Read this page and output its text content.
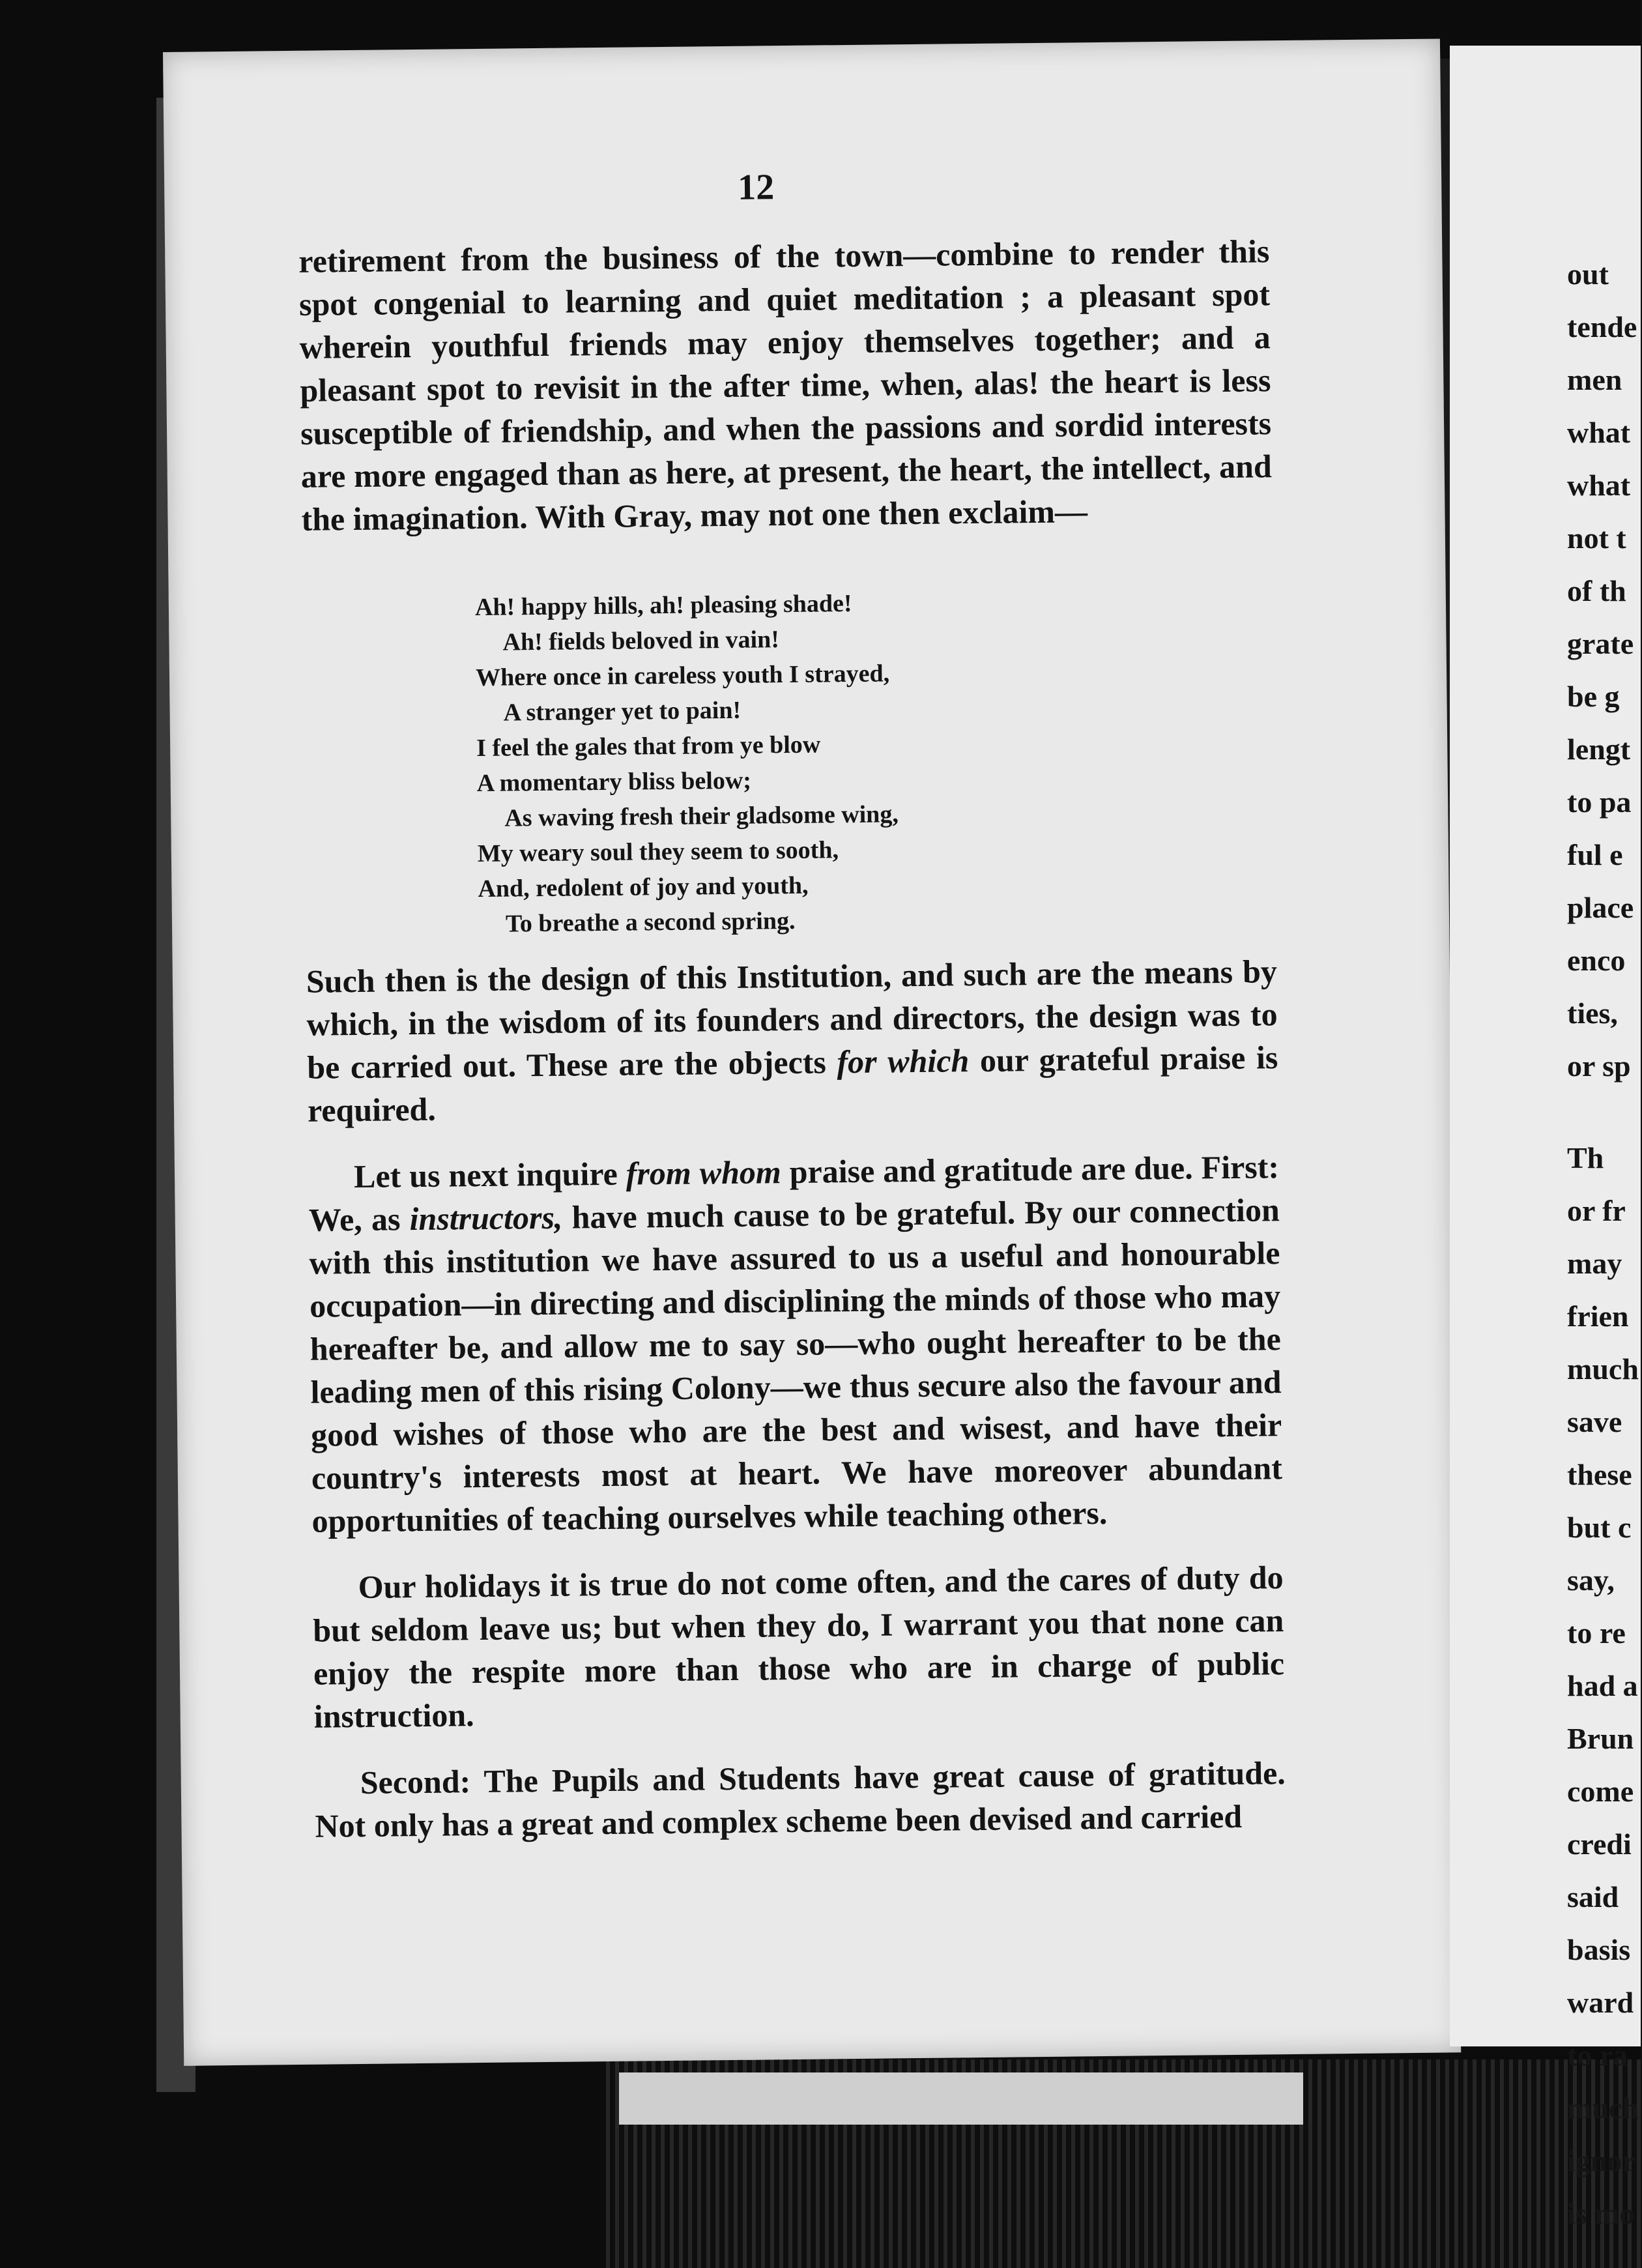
12

retirement from the business of the town—combine to render this spot congenial to learning and quiet meditation ; a pleasant spot wherein youthful friends may enjoy themselves together; and a pleasant spot to revisit in the after time, when, alas! the heart is less susceptible of friendship, and when the passions and sordid interests are more engaged than as here, at present, the heart, the intellect, and the imagination. With Gray, may not one then exclaim—

Ah! happy hills, ah! pleasing shade!
Ah! fields beloved in vain!
Where once in careless youth I strayed,
A stranger yet to pain!
I feel the gales that from ye blow
A momentary bliss below;
As waving fresh their gladsome wing,
My weary soul they seem to sooth,
And, redolent of joy and youth,
To breathe a second spring.

Such then is the design of this Institution, and such are the means by which, in the wisdom of its founders and directors, the design was to be carried out. These are the objects for which our grateful praise is required.

Let us next inquire from whom praise and gratitude are due. First: We, as instructors, have much cause to be grateful. By our connection with this institution we have assured to us a useful and honourable occupation—in directing and disciplining the minds of those who may hereafter be, and allow me to say so—who ought hereafter to be the leading men of this rising Colony—we thus secure also the favour and good wishes of those who are the best and wisest, and have their country's interests most at heart. We have moreover abundant opportunities of teaching ourselves while teaching others.

Our holidays it is true do not come often, and the cares of duty do but seldom leave us; but when they do, I warrant you that none can enjoy the respite more than those who are in charge of public instruction.

Second: The Pupils and Students have great cause of gratitude. Not only has a great and complex scheme been devised and carried

out
tende
men
what
what
not t
of th
grate
be g
lengt
to pa
ful e
place
enco
ties,
or sp
Th
or fr
may
frien
much
save
these
but c
say,
to re
had a
Brun
come
credi
said
basis
ward
to ra
much
ignor
is mo
